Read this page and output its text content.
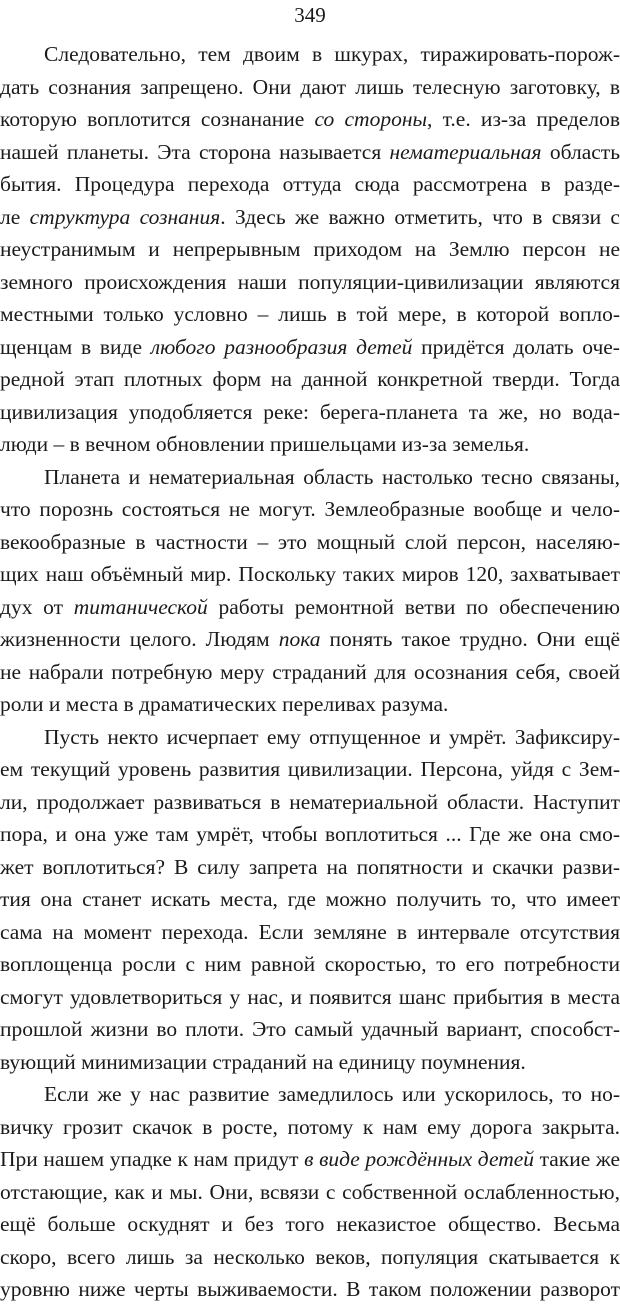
349
Следовательно, тем двоим в шкурах, тиражировать-порож-
дать сознания запрещено. Они дают лишь телесную заготовку, в
которую воплотится сознанание со стороны, т.е. из-за пределов
нашей планеты. Эта сторона называется нематериальная область
бытия. Процедура перехода оттуда сюда рассмотрена в разде-
ле структура сознания. Здесь же важно отметить, что в связи с
неустранимым и непрерывным приходом на Землю персон не
земного происхождения наши популяции-цивилизации являются
местными только условно – лишь в той мере, в которой вопло-
щенцам в виде любого разнообразия детей придётся долать оче-
редной этап плотных форм на данной конкретной тверди. Тогда
цивилизация уподобляется реке: берега-планета та же, но вода-
люди – в вечном обновлении пришельцами из-за земелья.
Планета и нематериальная область настолько тесно связаны,
что порознь состояться не могут. Землеобразные вообще и чело-
векообразные в частности – это мощный слой персон, населяю-
щих наш объёмный мир. Поскольку таких миров 120, захватывает
дух от титанической работы ремонтной ветви по обеспечению
жизненности целого. Людям пока понять такое трудно. Они ещё
не набрали потребную меру страданий для осознания себя, своей
роли и места в драматических переливах разума.
Пусть некто исчерпает ему отпущенное и умрёт. Зафиксиру-
ем текущий уровень развития цивилизации. Персона, уйдя с Зем-
ли, продолжает развиваться в нематериальной области. Наступит
пора, и она уже там умрёт, чтобы воплотиться ... Где же она смо-
жет воплотиться? В силу запрета на попятности и скачки разви-
тия она станет искать места, где можно получить то, что имеет
сама на момент перехода. Если земляне в интервале отсутствия
воплощенца росли с ним равной скоростью, то его потребности
смогут удовлетвориться у нас, и появится шанс прибытия в места
прошлой жизни во плоти. Это самый удачный вариант, способст-
вующий минимизации страданий на единицу поумнения.
Если же у нас развитие замедлилось или ускорилось, то но-
вичку грозит скачок в росте, потому к нам ему дорога закрыта.
При нашем упадке к нам придут в виде рождённых детей такие же
отстающие, как и мы. Они, всвязи с собственной ослабленностью,
ещё больше оскуднят и без того неказистое общество. Весьма
скоро, всего лишь за несколько веков, популяция скатывается к
уровню ниже черты выживаемости. В таком положении разворот
